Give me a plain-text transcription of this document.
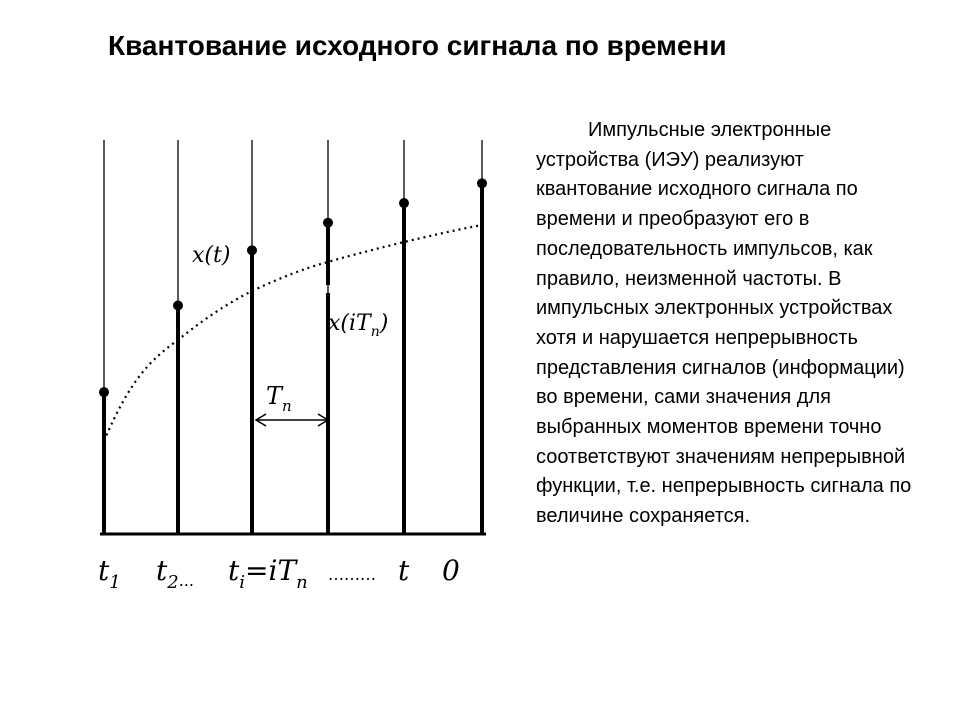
Квантование исходного сигнала по времени
x(t)
$x(iT_n)$
$T_n$
$t_1$ $t_2$... $t_i=iT_n$ ……… t 0
Импульсные электронные устройства (ИЭУ) реализуют квантование исходного сигнала по времени и преобразуют его в последовательность импульсов, как правило, неизменной частоты. В импульсных электронных устройствах хотя и нарушается непрерывность представления сигналов (информации) во времени, сами значения для выбранных моментов времени точно соответствуют значениям непрерывной функции, т.е. непрерывность сигнала по величине сохраняется.
